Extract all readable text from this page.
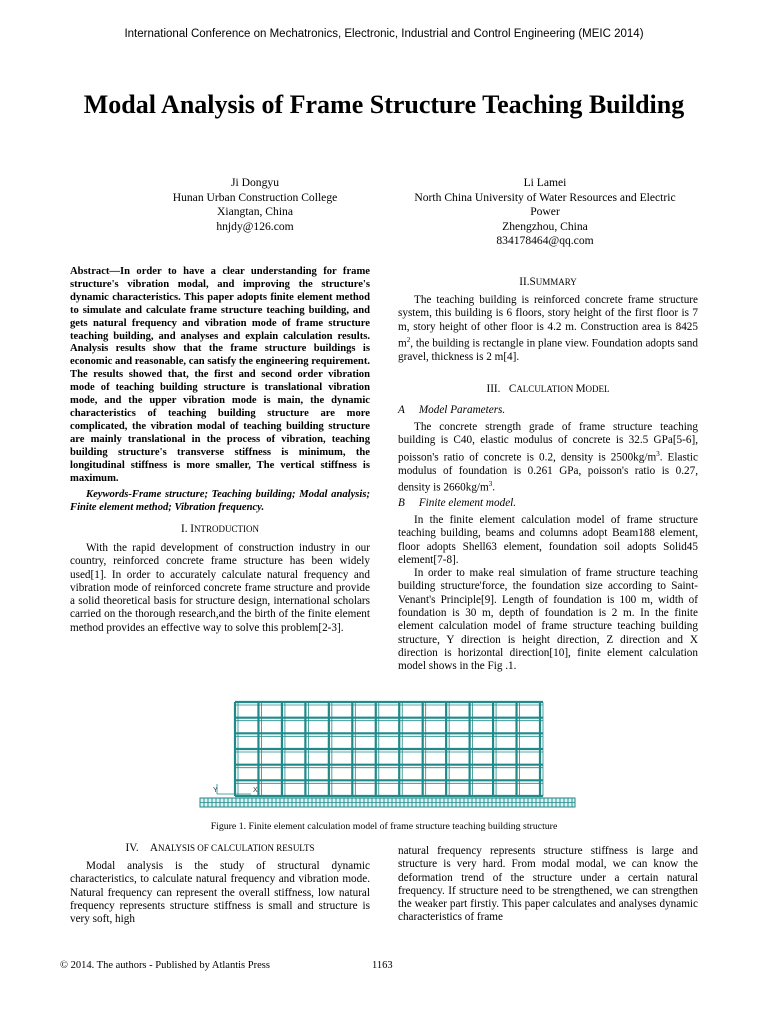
International Conference on Mechatronics, Electronic, Industrial and Control Engineering (MEIC 2014)
Modal Analysis of Frame Structure Teaching Building
Ji Dongyu
Hunan Urban Construction College
Xiangtan, China
hnjdy@126.com
Li Lamei
North China University of Water Resources and Electric
Power
Zhengzhou, China
834178464@qq.com
Abstract—In order to have a clear understanding for frame structure's vibration modal, and improving the structure's dynamic characteristics. This paper adopts finite element method to simulate and calculate frame structure teaching building, and gets natural frequency and vibration mode of frame structure teaching building, and analyses and explain calculation results. Analysis results show that the frame structure buildings is economic and reasonable, can satisfy the engineering requirement. The results showed that, the first and second order vibration mode of teaching building structure is translational vibration mode, and the upper vibration mode is main, the dynamic characteristics of teaching building structure are more complicated, the vibration modal of teaching building structure are mainly translational in the process of vibration, teaching building structure's transverse stiffness is minimum, the longitudinal stiffness is more smaller, The vertical stiffness is maximum.
Keywords-Frame structure; Teaching building; Modal analysis; Finite element method; Vibration frequency.
I. INTRODUCTION

With the rapid development of construction industry in our country, reinforced concrete frame structure has been widely used[1]. In order to accurately calculate natural frequency and vibration mode of reinforced concrete frame structure and provide a solid theoretical basis for structure design, international scholars carried on the thorough research,and the birth of the finite element method provides an effective way to solve this problem[2-3].

II.SUMMARY

The teaching building is reinforced concrete frame structure system, this building is 6 floors, story height of the first floor is 7 m, story height of other floor is 4.2 m. Construction area is 8425 $m^2$, the building is rectangle in plane view. Foundation adopts sand gravel, thickness is 2 m[4].

III. CALCULATION MODEL
A Model Parameters.

The concrete strength grade of frame structure teaching building is C40, elastic modulus of concrete is 32.5 GPa[5-6], poisson's ratio of concrete is 0.2, density is $2500kg/m^3$. Elastic modulus of foundation is 0.261 GPa, poisson's ratio is 0.27, density is $2660kg/m^3$.

B Finite element model.

In the finite element calculation model of frame structure teaching building, beams and columns adopt Beam188 element, floor adopts Shell63 element, foundation soil adopts Solid45 element[7-8].

In order to make real simulation of frame structure teaching building structure'force, the foundation size according to Saint-Venant's Principle[9]. Length of foundation is 100 m, width of foundation is 30 m, depth of foundation is 2 m. In the finite element calculation model of frame structure teaching building structure, Y direction is height direction, Z direction and X direction is horizontal direction[10], finite element calculation model shows in the Fig .1.

Y	X
Figure 1. Finite element calculation model of frame structure teaching building structure
IV. ANALYSIS OF CALCULATION RESULTS

Modal analysis is the study of structural dynamic characteristics, to calculate natural frequency and vibration mode. Natural frequency can represent the overall stiffness, low natural frequency represents structure stiffness is small and structure is very soft, high

natural frequency represents structure stiffness is large and structure is very hard. From modal modal, we can know the deformation trend of the structure under a certain natural frequency. If structure need to be strengthened, we can strengthen the weaker part firstiy. This paper calculates and analyses dynamic characteristics of frame

© 2014. The authors - Published by Atlantis Press	1163
